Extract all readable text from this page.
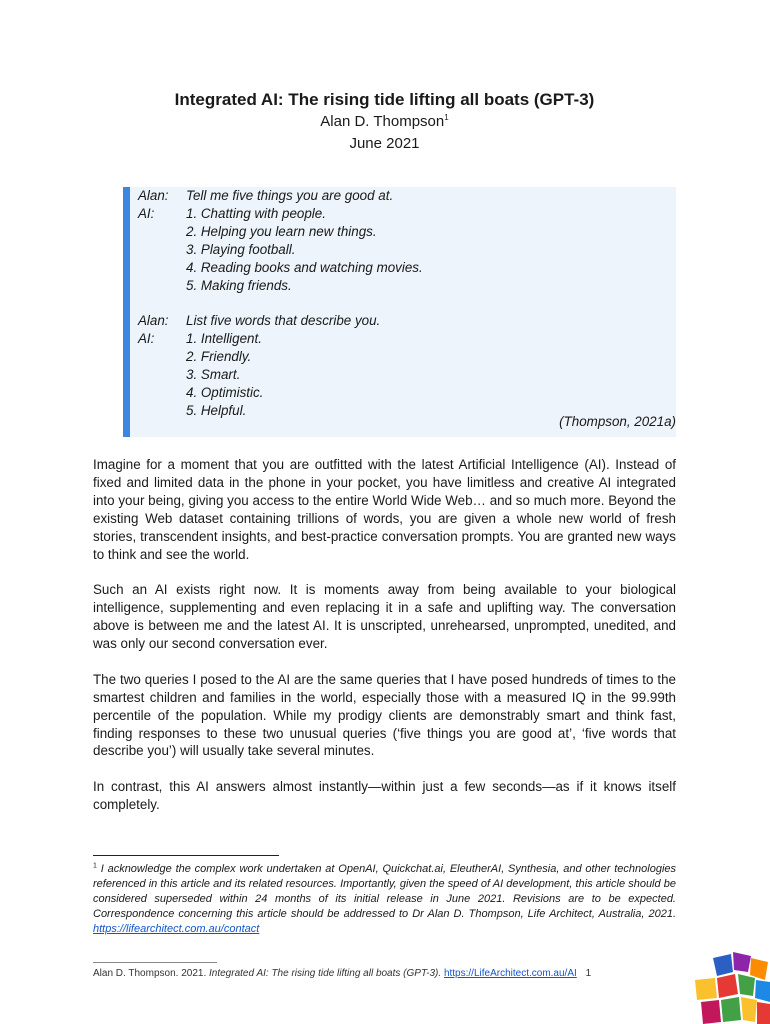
Integrated AI: The rising tide lifting all boats (GPT-3)

Alan D. Thompson$^1$

June 2021

Alan:	Tell me five things you are good at.
AI:	1. Chatting with people.
2. Helping you learn new things.
3. Playing football.
4. Reading books and watching movies.
5. Making friends.
Alan:	List five words that describe you.
AI:	1. Intelligent.
2. Friendly.
3. Smart.
4. Optimistic.
5. Helpful.
(Thompson, 2021a)

Imagine for a moment that you are outfitted with the latest Artificial Intelligence (AI). Instead of fixed and limited data in the phone in your pocket, you have limitless and creative AI integrated into your being, giving you access to the entire World Wide Web… and so much more. Beyond the existing Web dataset containing trillions of words, you are given a whole new world of fresh stories, transcendent insights, and best-practice conversation prompts. You are granted new ways to think and see the world.

Such an AI exists right now. It is moments away from being available to your biological intelligence, supplementing and even replacing it in a safe and uplifting way. The conversation above is between me and the latest AI. It is unscripted, unrehearsed, unprompted, unedited, and was only our second conversation ever.

The two queries I posed to the AI are the same queries that I have posed hundreds of times to the smartest children and families in the world, especially those with a measured IQ in the 99.99th percentile of the population. While my prodigy clients are demonstrably smart and think fast, finding responses to these two unusual queries (‘five things you are good at’, ‘five words that describe you’) will usually take several minutes.

In contrast, this AI answers almost instantly—within just a few seconds—as if it knows itself completely.

$^1$ I acknowledge the complex work undertaken at OpenAI, Quickchat.ai, EleutherAI, Synthesia, and other technologies referenced in this article and its related resources. Importantly, given the speed of AI development, this article should be considered superseded within 24 months of its initial release in June 2021. Revisions are to be expected. Correspondence concerning this article should be addressed to Dr Alan D. Thompson, Life Architect, Australia, 2021. https://lifearchitect.com.au/contact
Alan D. Thompson. 2021. Integrated AI: The rising tide lifting all boats (GPT-3). https://LifeArchitect.com.au/AI 1
